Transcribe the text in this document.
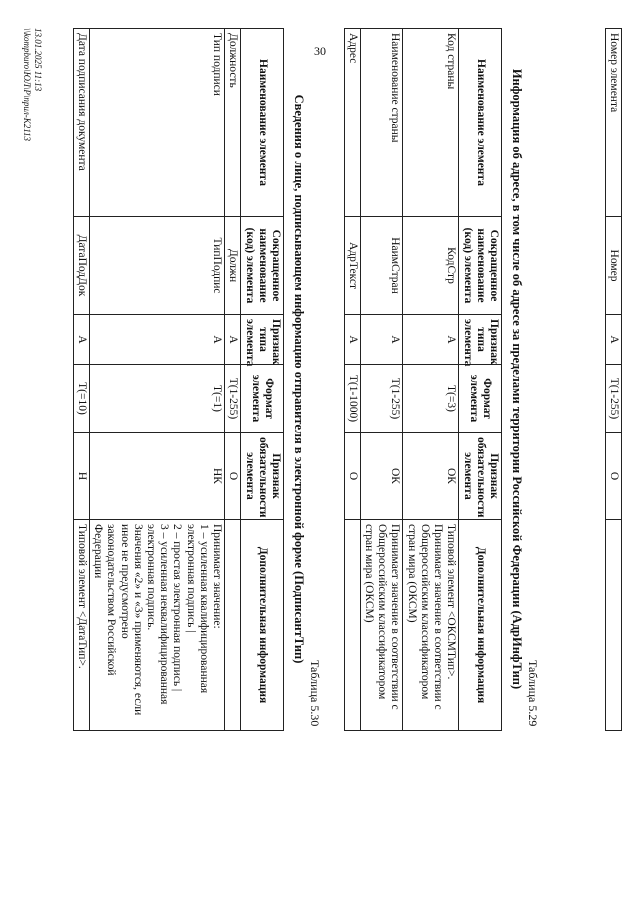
30	Номер элемента	Номер	А	Т(1-255)	О	
Таблица 5.29
Информация об адресе, в том числе об адресе за пределами территории Российской Федерации (АдрИнфТип)
Наименование элемента	Сокращенное наименование (код) элемента	Признак типа элемента	Формат элемента	Признак обязательности элемента	Дополнительная информация
Код страны	КодСтр	А	Т(=3)	ОК	Типовой элемент <ОКСМТип>.
Принимает значение в соответствии с Общероссийским классификатором стран мира (ОКСМ)
Наименование страны	НаимСтран	А	Т(1-255)	ОК	Принимает значение в соответствии с Общероссийским классификатором стран мира (ОКСМ)
Адрес	АдрТекст	А	Т(1-1000)	О	
Таблица 5.30
Сведения о лице, подписывающем информацию отправителя в электронной форме (ПодписантТип)
Наименование элемента	Сокращенное наименование (код) элемента	Признак типа элемента	Формат элемента	Признак обязательности элемента	Дополнительная информация
Должность	Должн	А	Т(1-255)	О	
Тип подписи	ТипПодпис	А	Т(=1)	НК	Принимает значение:
1 – усиленная квалифицированная электронная подпись |
2 – простая электронная подпись |
3 – усиленная неквалифицированная электронная подпись.
Значения «2» и «3» применяются, если иное не предусмотрено законодательством Российской Федерации
Дата подписания документа	ДатаПодДок	А	Т(=10)	Н	Типовой элемент <ДатаТип>.
13.01.2025 11:13
\\kompburo\ЮЛ\Р\прил-К2113
